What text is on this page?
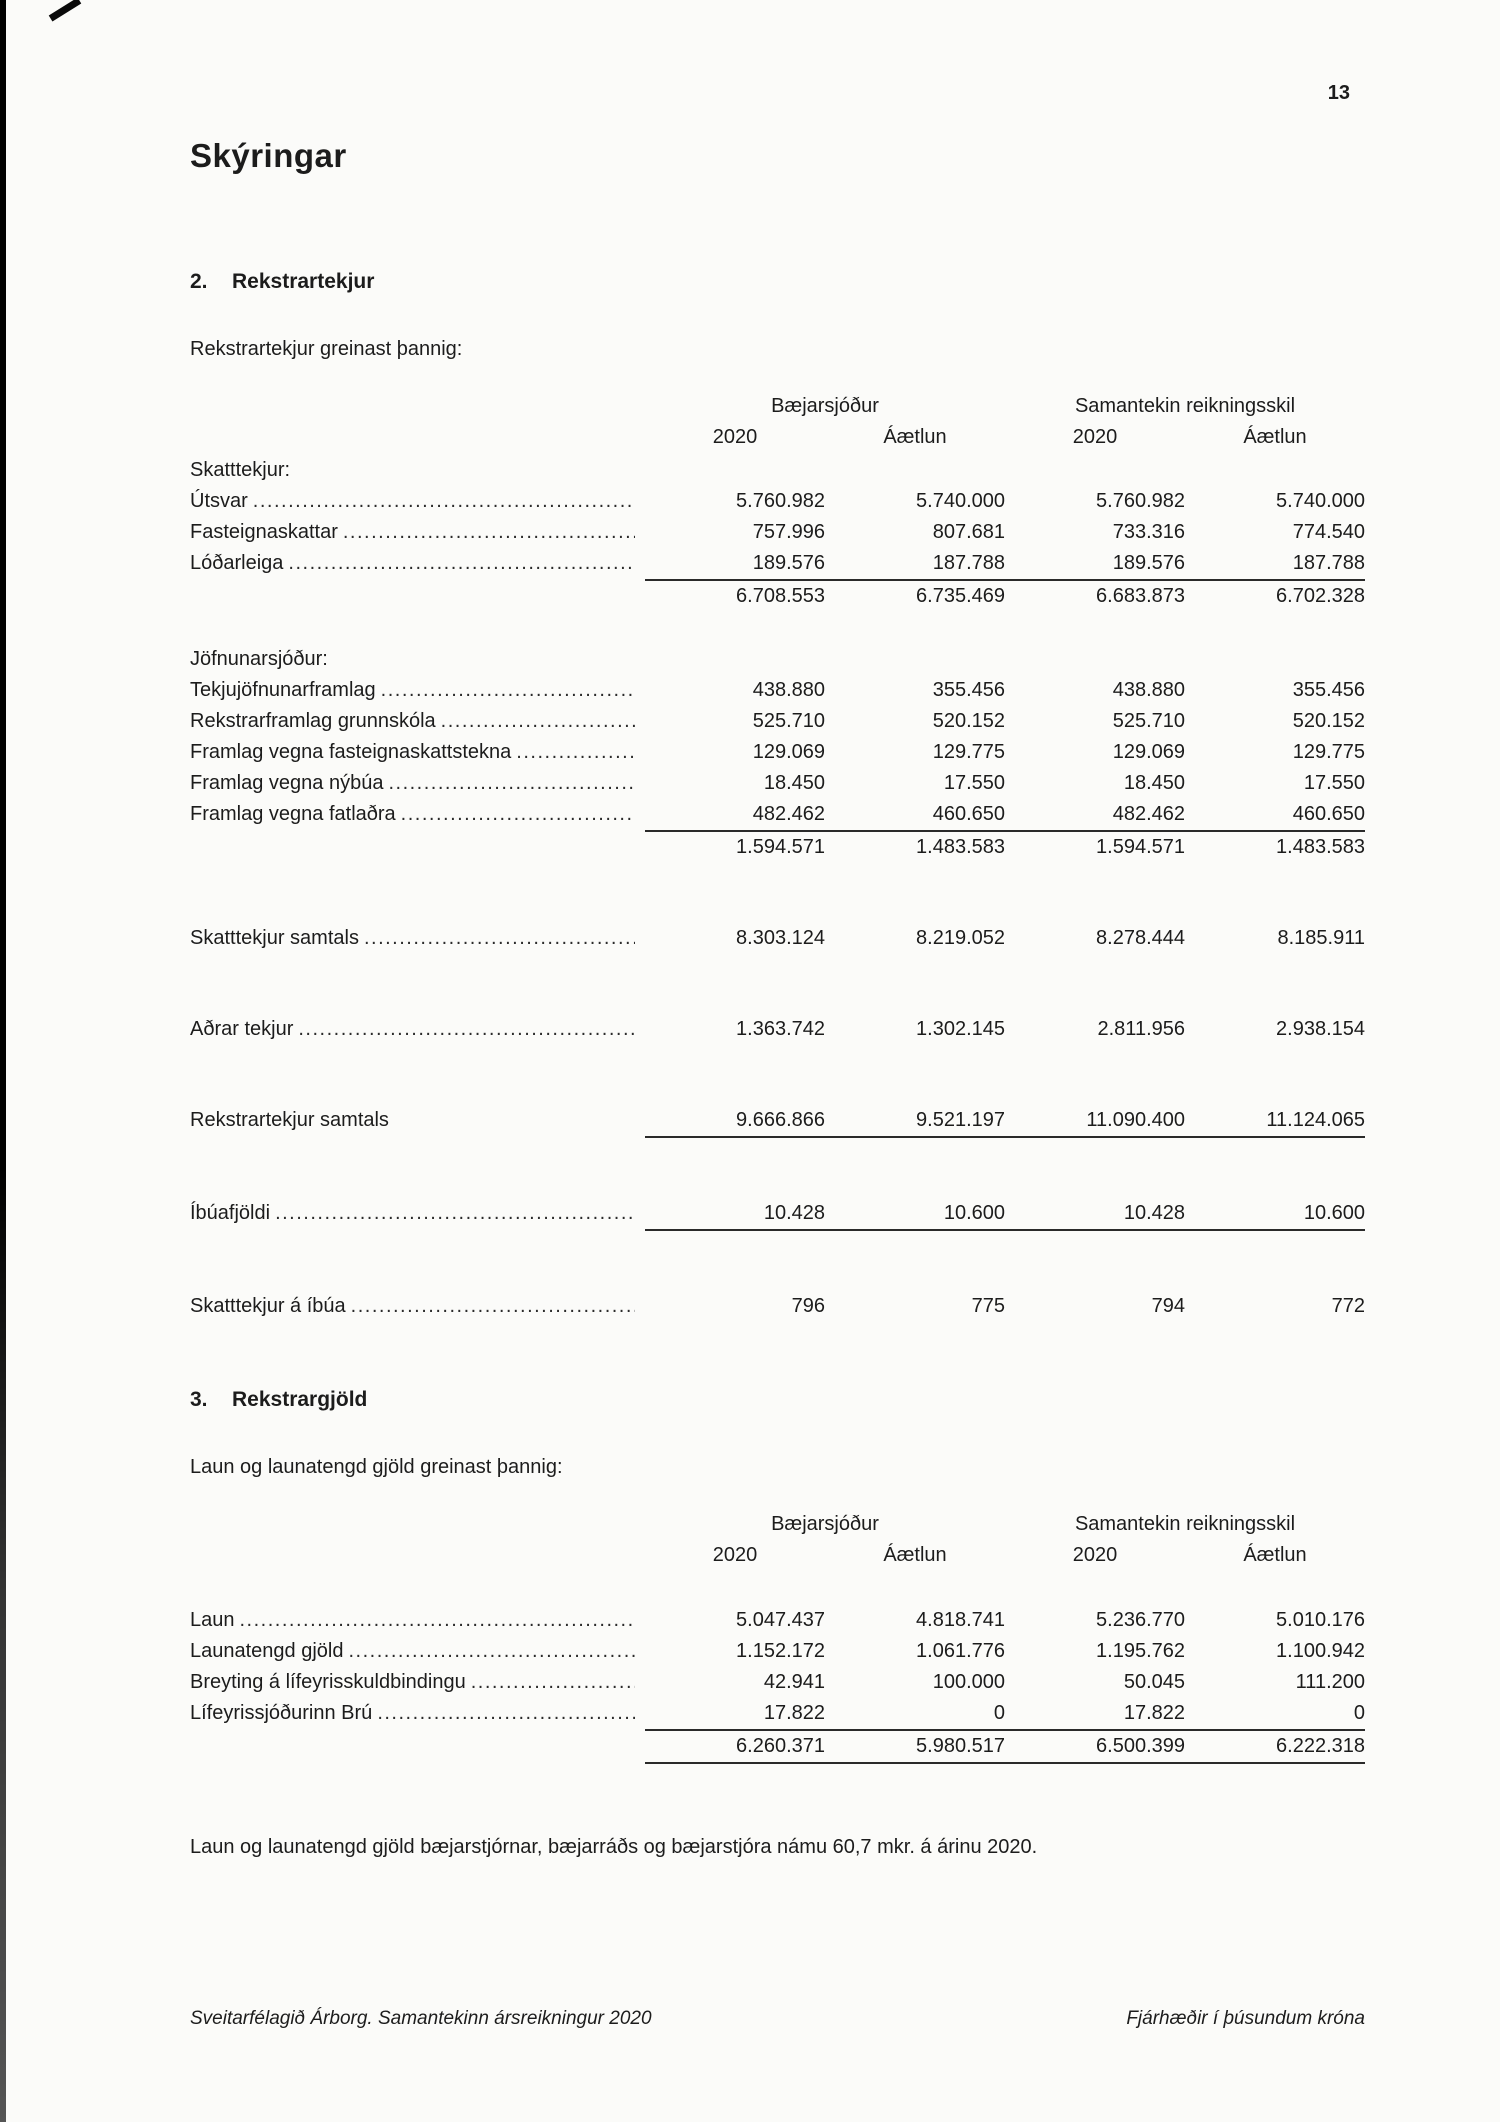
13
Skýringar
2.	Rekstrartekjur
Rekstrartekjur greinast þannig:
Bæjarsjóður	Samantekin reikningsskil
2020	Áætlun	2020	Áætlun
Skatttekjur:
Útsvar .....	5.760.982	5.740.000	5.760.982	5.740.000
Fasteignaskattar .....	757.996	807.681	733.316	774.540
Lóðarleiga .....	189.576	187.788	189.576	187.788
6.708.553	6.735.469	6.683.873	6.702.328
Jöfnunarsjóður:
Tekjujöfnunarframlag .....	438.880	355.456	438.880	355.456
Rekstrarframlag grunnskóla .....	525.710	520.152	525.710	520.152
Framlag vegna fasteignaskattstekna .....	129.069	129.775	129.069	129.775
Framlag vegna nýbúa .....	18.450	17.550	18.450	17.550
Framlag vegna fatlaðra .....	482.462	460.650	482.462	460.650
1.594.571	1.483.583	1.594.571	1.483.583
Skatttekjur samtals .....	8.303.124	8.219.052	8.278.444	8.185.911
Aðrar tekjur .....	1.363.742	1.302.145	2.811.956	2.938.154
Rekstrartekjur samtals	9.666.866	9.521.197	11.090.400	11.124.065
Íbúafjöldi .....	10.428	10.600	10.428	10.600
Skatttekjur á íbúa .....	796	775	794	772
3.	Rekstrargjöld
Laun og launatengd gjöld greinast þannig:
Bæjarsjóður	Samantekin reikningsskil
2020	Áætlun	2020	Áætlun
Laun .....	5.047.437	4.818.741	5.236.770	5.010.176
Launatengd gjöld .....	1.152.172	1.061.776	1.195.762	1.100.942
Breyting á lífeyrisskuldbindingu .....	42.941	100.000	50.045	111.200
Lífeyrissjóðurinn Brú .....	17.822	0	17.822	0
6.260.371	5.980.517	6.500.399	6.222.318
Laun og launatengd gjöld bæjarstjórnar, bæjarráðs og bæjarstjóra námu 60,7 mkr. á árinu 2020.
Sveitarfélagið Árborg. Samantekinn ársreikningur 2020	Fjárhæðir í þúsundum króna
